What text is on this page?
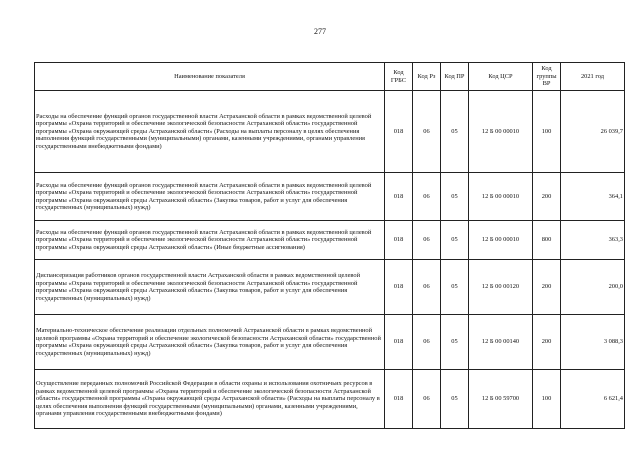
277
Наименование показателя	Код ГРБС	Код Рз	Код ПР	Код ЦСР	Код группы ВР	2021 год
Расходы на обеспечение функций органов государственной власти Астраханской области в рамках ведомственной целевой программы «Охрана территорий и обеспечение экологической безопасности Астраханской области» государственной программы «Охрана окружающей среды Астраханской области» (Расходы на выплаты персоналу в целях обеспечения выполнения функций государственными (муниципальными) органами, казенными учреждениями, органами управления государственными внебюджетными фондами)	018	06	05	12 Б 00 00010	100	26 039,7
Расходы на обеспечение функций органов государственной власти Астраханской области в рамках ведомственной целевой программы «Охрана территорий и обеспечение экологической безопасности Астраханской области» государственной программы «Охрана окружающей среды Астраханской области» (Закупка товаров, работ и услуг для обеспечения государственных (муниципальных) нужд)	018	06	05	12 Б 00 00010	200	364,1
Расходы на обеспечение функций органов государственной власти Астраханской области в рамках ведомственной целевой программы «Охрана территорий и обеспечение экологической безопасности Астраханской области» государственной программы «Охрана окружающей среды Астраханской области» (Иные бюджетные ассигнования)	018	06	05	12 Б 00 00010	800	363,3
Диспансеризация работников органов государственной власти Астраханской области в рамках ведомственной целевой программы «Охрана территорий и обеспечение экологической безопасности Астраханской области» государственной программы «Охрана окружающей среды Астраханской области» (Закупка товаров, работ и услуг для обеспечения государственных (муниципальных) нужд)	018	06	05	12 Б 00 00120	200	200,0
Материально-техническое обеспечение реализации отдельных полномочий Астраханской области в рамках ведомственной целевой программы «Охрана территорий и обеспечение экологической безопасности Астраханской области» государственной программы «Охрана окружающей среды Астраханской области» (Закупка товаров, работ и услуг для обеспечения государственных (муниципальных) нужд)	018	06	05	12 Б 00 00140	200	3 088,3
Осуществление переданных полномочий Российской Федерации в области охраны и использования охотничьих ресурсов в рамках ведомственной целевой программы «Охрана территорий и обеспечение экологической безопасности Астраханской области» государственной программы «Охрана окружающей среды Астраханской области» (Расходы на выплаты персоналу в целях обеспечения выполнения функций государственными (муниципальными) органами, казенными учреждениями, органами управления государственными внебюджетными фондами)	018	06	05	12 Б 00 59700	100	6 621,4
